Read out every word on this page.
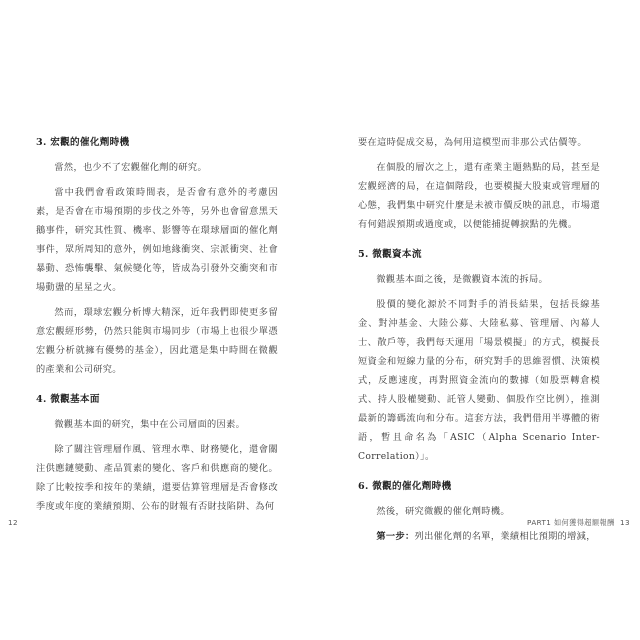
3. 宏觀的催化劑時機

當然，也少不了宏觀催化劑的研究。

當中我們會看政策時間表，是否會有意外的考慮因素，是否會在市場預期的步伐之外等，另外也會留意黑天鵝事件，研究其性質、機率、影響等在環球層面的催化劑事件，眾所周知的意外，例如地緣衝突、宗派衝突、社會暴動、恐怖襲擊、氣候變化等，皆成為引發外交衝突和市場動盪的星星之火。

然而，環球宏觀分析博大精深，近年我們即使更多留意宏觀經形勢，仍然只能與市場同步（市場上也很少單憑宏觀分析就擁有優勢的基金），因此還是集中時間在微觀的產業和公司研究。

4. 微觀基本面

微觀基本面的研究，集中在公司層面的因素。

除了關注管理層作風、管理水準、財務變化，還會關注供應鏈變動、產品質素的變化、客戶和供應商的變化。除了比較按季和按年的業績，還要估算管理層是否會修改季度或年度的業績預期、公布的財報有否財技陷阱、為何

12

要在這時促成交易，為何用這模型而非那公式估價等。

在個股的層次之上，還有產業主題熱點的局，甚至是宏觀經濟的局，在這個階段，也要模擬大股東或管理層的心態，我們集中研究什麼是未被市價反映的訊息，市場還有何錯誤預期或過度或，以便能捕捉轉捩點的先機。

5. 微觀資本流

微觀基本面之後，是微觀資本流的拆局。

股價的變化源於不同對手的消長結果，包括長線基金、對沖基金、大陸公募、大陸私募、管理層、內幕人士、散戶等，我們每天運用「場景模擬」的方式，模擬長短資金和短線力量的分布，研究對手的思維習慣、決策模式，反應速度，再對照資金流向的數據（如股票轉倉模式、持人股權變動、託管人變動、個股作空比例），推測最新的籌碼流向和分布。這套方法，我們借用半導體的術語，暫且命名為「ASIC（Alpha Scenario Inter-Correlation）」。

6. 微觀的催化劑時機

然後，研究微觀的催化劑時機。

第一步：列出催化劑的名單，業績相比預期的增減，

PART1 如何獲得超額報酬 13
